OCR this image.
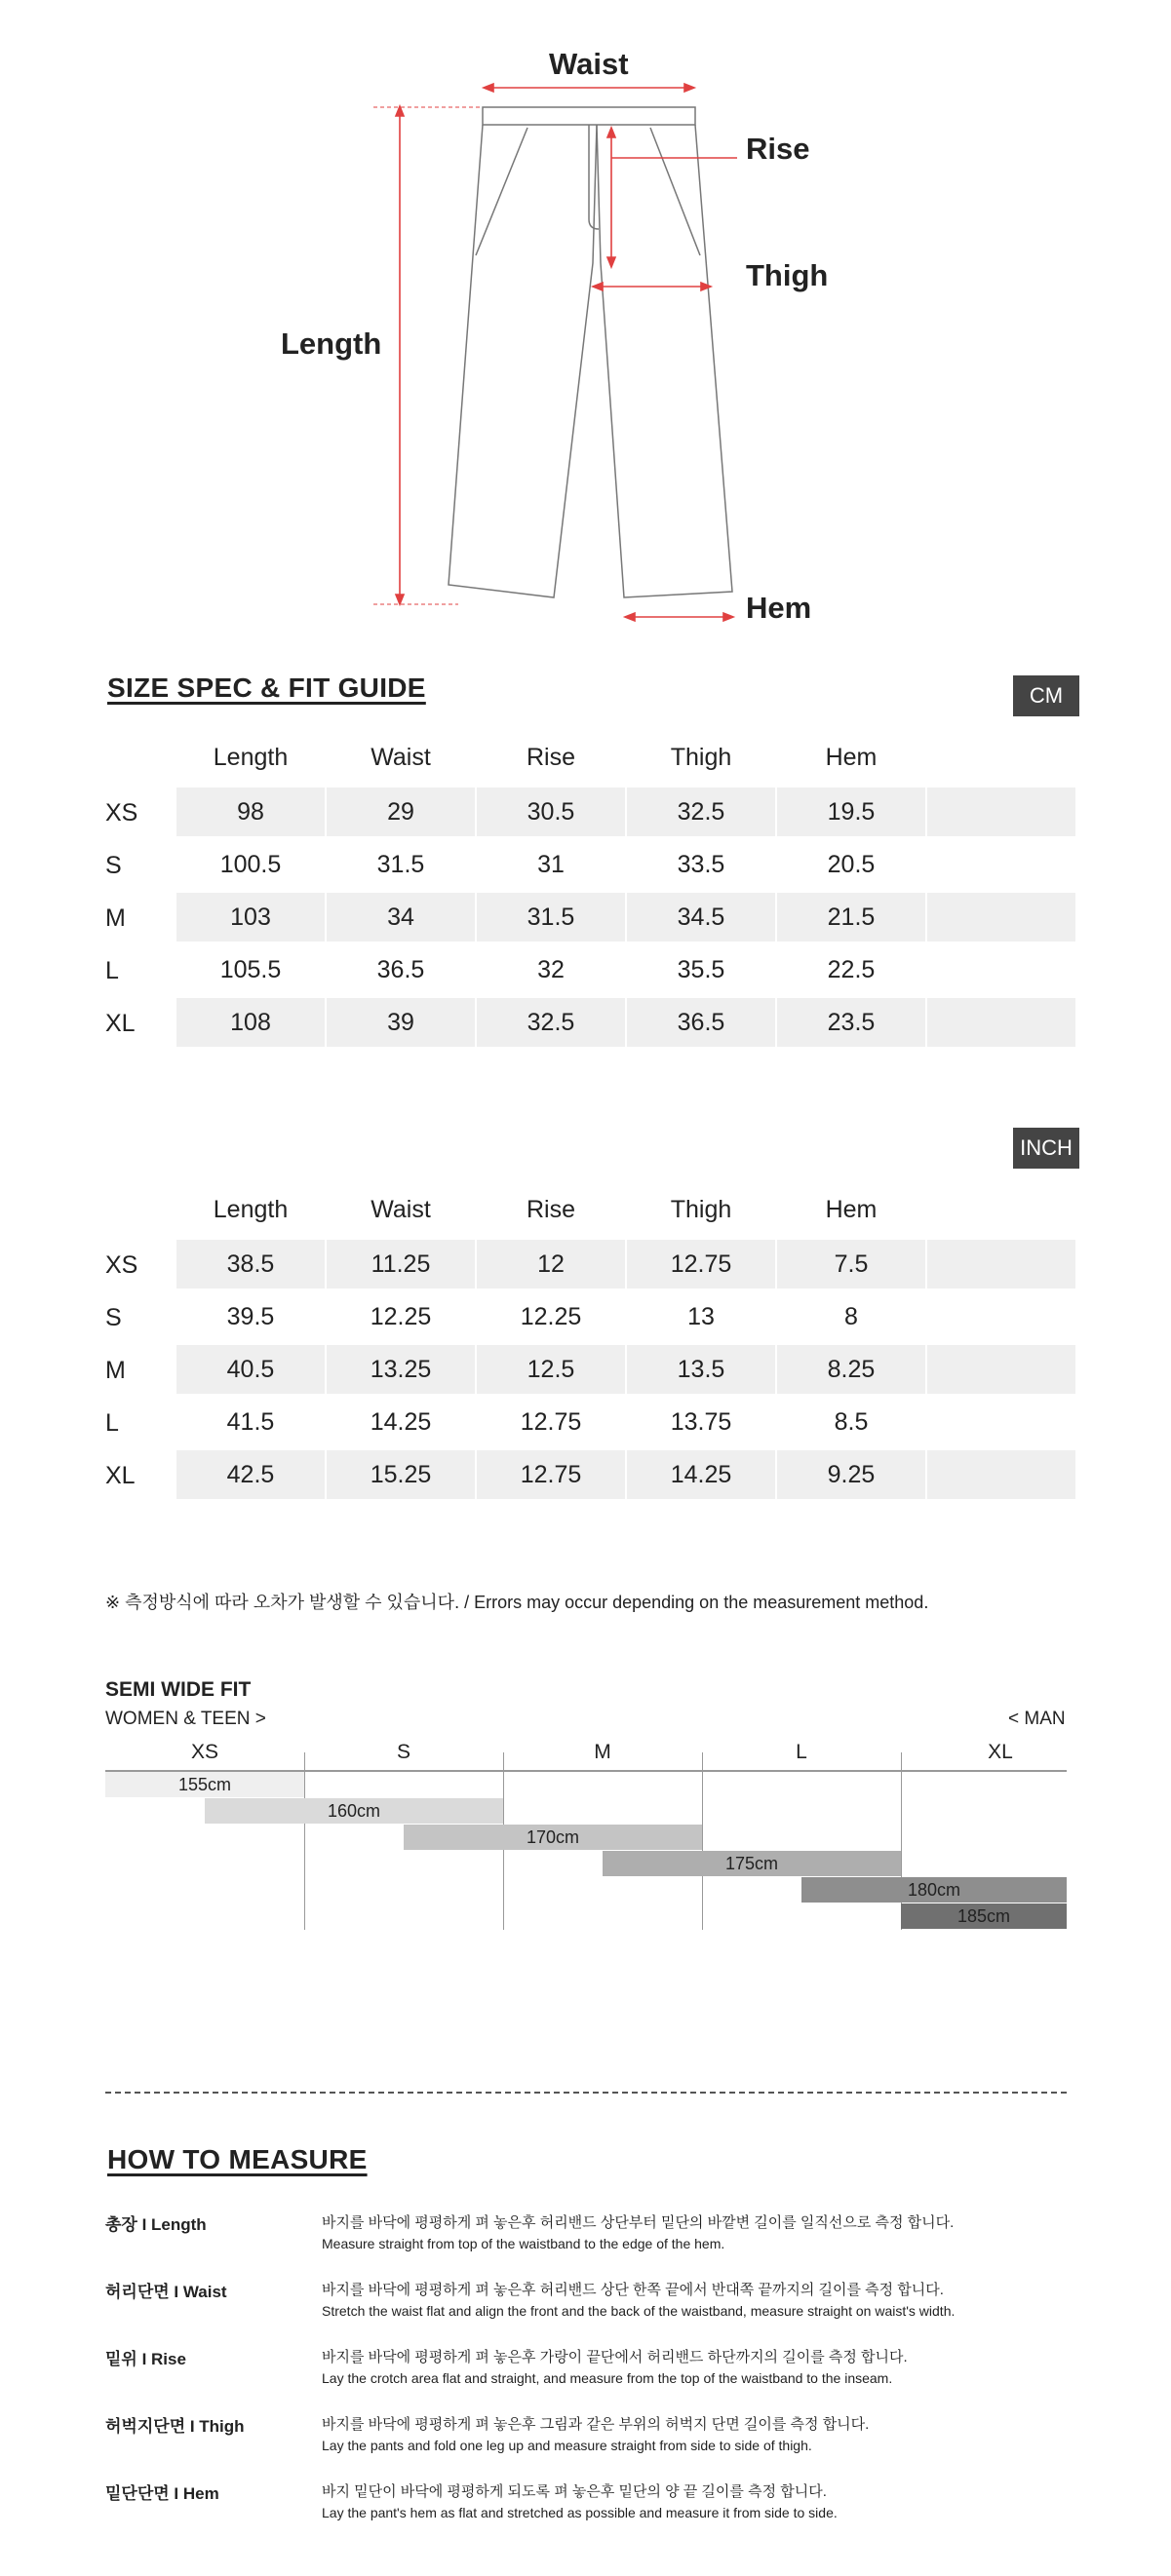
Waist
Rise
Thigh
Length
Hem
SIZE SPEC & FIT GUIDE	CM
Length	Waist	Rise	Thigh	Hem
XS	98	29	30.5	32.5	19.5
S	100.5	31.5	31	33.5	20.5
M	103	34	31.5	34.5	21.5
L	105.5	36.5	32	35.5	22.5
XL	108	39	32.5	36.5	23.5
INCH
Length	Waist	Rise	Thigh	Hem
XS	38.5	11.25	12	12.75	7.5
S	39.5	12.25	12.25	13	8
M	40.5	13.25	12.5	13.5	8.25
L	41.5	14.25	12.75	13.75	8.5
XL	42.5	15.25	12.75	14.25	9.25
※ 측정방식에 따라 오차가 발생할 수 있습니다. / Errors may occur depending on the measurement method.
SEMI WIDE FIT
WOMEN & TEEN >	< MAN
XS	S	M	L	XL
155cm
160cm
170cm
175cm
180cm
185cm
HOW TO MEASURE
총장 I Length	바지를 바닥에 평평하게 펴 놓은후 허리밴드 상단부터 밑단의 바깥변 길이를 일직선으로 측정 합니다.
Measure straight from top of the waistband to the edge of the hem.
허리단면 I Waist	바지를 바닥에 평평하게 펴 놓은후 허리밴드 상단 한쪽 끝에서 반대쪽 끝까지의 길이를 측정 합니다.
Stretch the waist flat and align the front and the back of the waistband, measure straight on waist's width.
밑위 I Rise	바지를 바닥에 평평하게 펴 놓은후 가랑이 끝단에서 허리밴드 하단까지의 길이를 측정 합니다.
Lay the crotch area flat and straight, and measure from the top of the waistband to the inseam.
허벅지단면 I Thigh	바지를 바닥에 평평하게 펴 놓은후 그림과 같은 부위의 허벅지 단면 길이를 측정 합니다.
Lay the pants and fold one leg up and measure straight from side to side of thigh.
밑단단면 I Hem	바지 밑단이 바닥에 평평하게 되도록 펴 놓은후 밑단의 양 끝 길이를 측정 합니다.
Lay the pant's hem as flat and stretched as possible and measure it from side to side.
